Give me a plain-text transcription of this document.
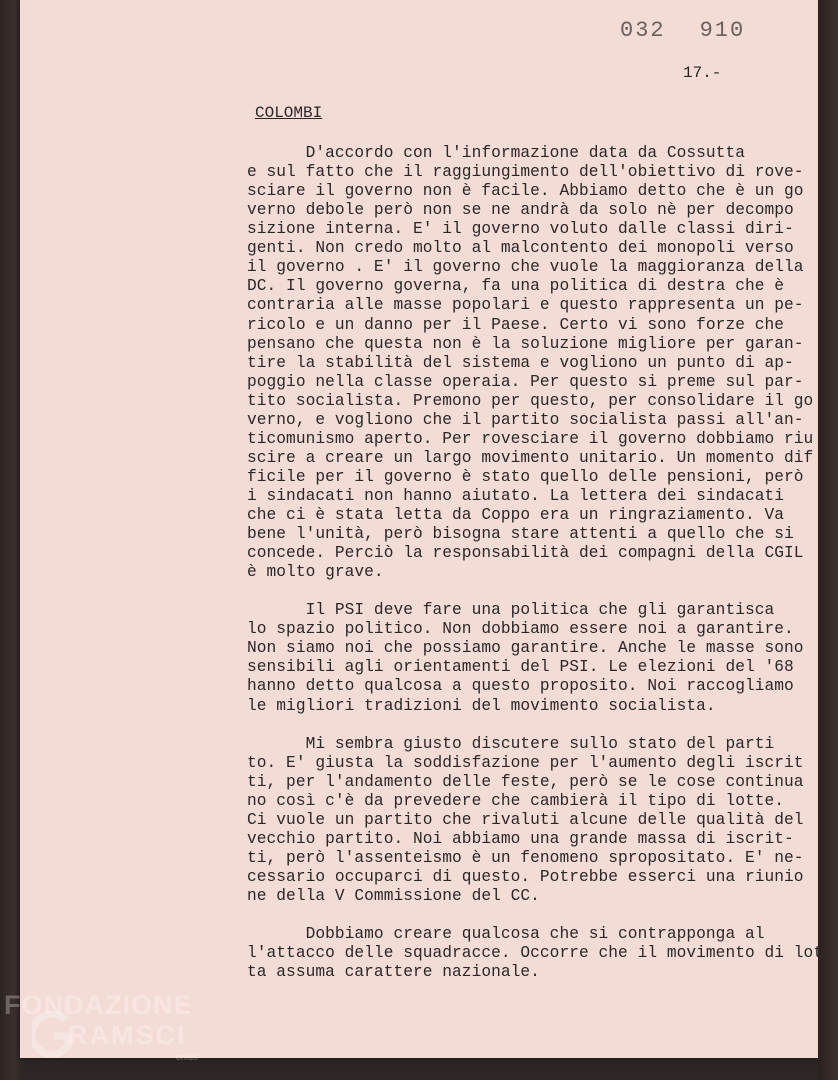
032 910
17.-
COLOMBI
D'accordo con l'informazione data da Cossutta
e sul fatto che il raggiungimento dell'obiettivo di rove-
sciare il governo non è facile. Abbiamo detto che è un go
verno debole però non se ne andrà da solo nè per decompo
sizione interna. E' il governo voluto dalle classi diri-
genti. Non credo molto al malcontento dei monopoli verso
il governo . E' il governo che vuole la maggioranza della
DC. Il governo governa, fa una politica di destra che è
contraria alle masse popolari e questo rappresenta un pe-
ricolo e un danno per il Paese. Certo vi sono forze che
pensano che questa non è la soluzione migliore per garan-
tire la stabilità del sistema e vogliono un punto di ap-
poggio nella classe operaia. Per questo si preme sul par-
tito socialista. Premono per questo, per consolidare il go
verno, e vogliono che il partito socialista passi all'an-
ticomunismo aperto. Per rovesciare il governo dobbiamo riu
scire a creare un largo movimento unitario. Un momento dif
ficile per il governo è stato quello delle pensioni, però
i sindacati non hanno aiutato. La lettera dei sindacati
che ci è stata letta da Coppo era un ringraziamento. Va
bene l'unità, però bisogna stare attenti a quello che si
concede. Perciò la responsabilità dei compagni della CGIL
è molto grave.
Il PSI deve fare una politica che gli garantisca
lo spazio politico. Non dobbiamo essere noi a garantire.
Non siamo noi che possiamo garantire. Anche le masse sono
sensibili agli orientamenti del PSI. Le elezioni del '68
hanno detto qualcosa a questo proposito. Noi raccogliamo
le migliori tradizioni del movimento socialista.
Mi sembra giusto discutere sullo stato del parti
to. E' giusta la soddisfazione per l'aumento degli iscrit
ti, per l'andamento delle feste, però se le cose continua
no così c'è da prevedere che cambierà il tipo di lotte.
Ci vuole un partito che rivaluti alcune delle qualità del
vecchio partito. Noi abbiamo una grande massa di iscrit-
ti, però l'assenteismo è un fenomeno spropositato. E' ne-
cessario occuparci di questo. Potrebbe esserci una riunio
ne della V Commissione del CC.
Dobbiamo creare qualcosa che si contrapponga al
l'attacco delle squadracce. Occorre che il movimento di lot
ta assuma carattere nazionale.
FONDAZIONE
RAMSCI
onlus
